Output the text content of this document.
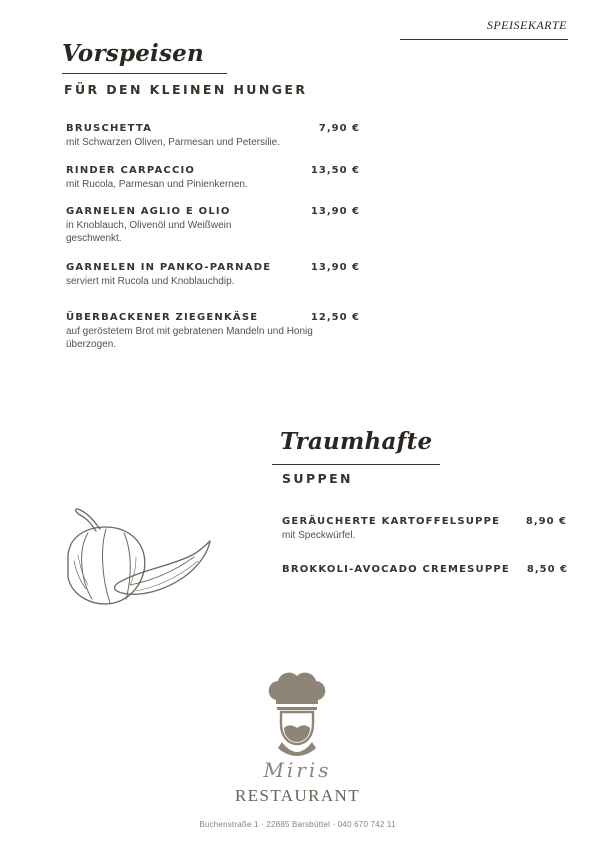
SPEISEKARTE
Vorspeisen
FÜR DEN KLEINEN HUNGER
BRUSCHETTA	7,90 €
mit Schwarzen Oliven, Parmesan und Petersilie.
RINDER CARPACCIO	13,50 €
mit Rucola, Parmesan und Pinienkernen.
GARNELEN AGLIO E OLIO	13,90 €
in Knoblauch, Olivenöl und Weißwein geschwenkt.
GARNELEN IN PANKO-PARNADE	13,90 €
serviert mit Rucola und Knoblauchdip.
ÜBERBACKENER ZIEGENKÄSE	12,50 €
auf geröstetem Brot mit gebratenen Mandeln und Honig überzogen.
Traumhafte
SUPPEN
GERÄUCHERTE KARTOFFELSUPPE	8,90 €
mit Speckwürfel.
BROKKOLI-AVOCADO CREMESUPPE 8,50 €
Miris
RESTAURANT
Buchenstraße 1 · 22885 Barsbüttel · 040 670 742 11
